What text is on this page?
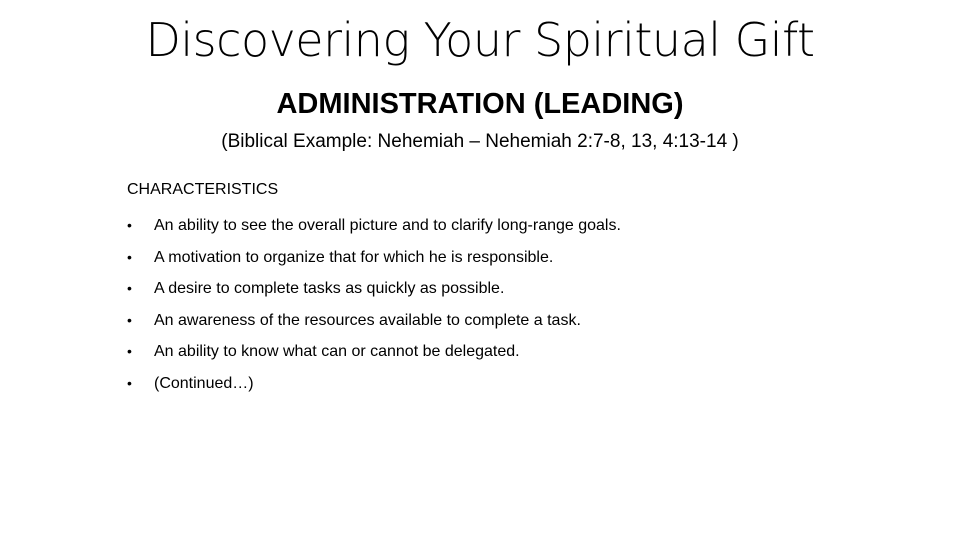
Discovering Your Spiritual Gift
ADMINISTRATION (LEADING)
(Biblical Example: Nehemiah – Nehemiah 2:7-8, 13, 4:13-14 )
CHARACTERISTICS
•	An ability to see the overall picture and to clarify long-range goals.
•	A motivation to organize that for which he is responsible.
•	A desire to complete tasks as quickly as possible.
•	An awareness of the resources available to complete a task.
•	An ability to know what can or cannot be delegated.
•	(Continued…)
